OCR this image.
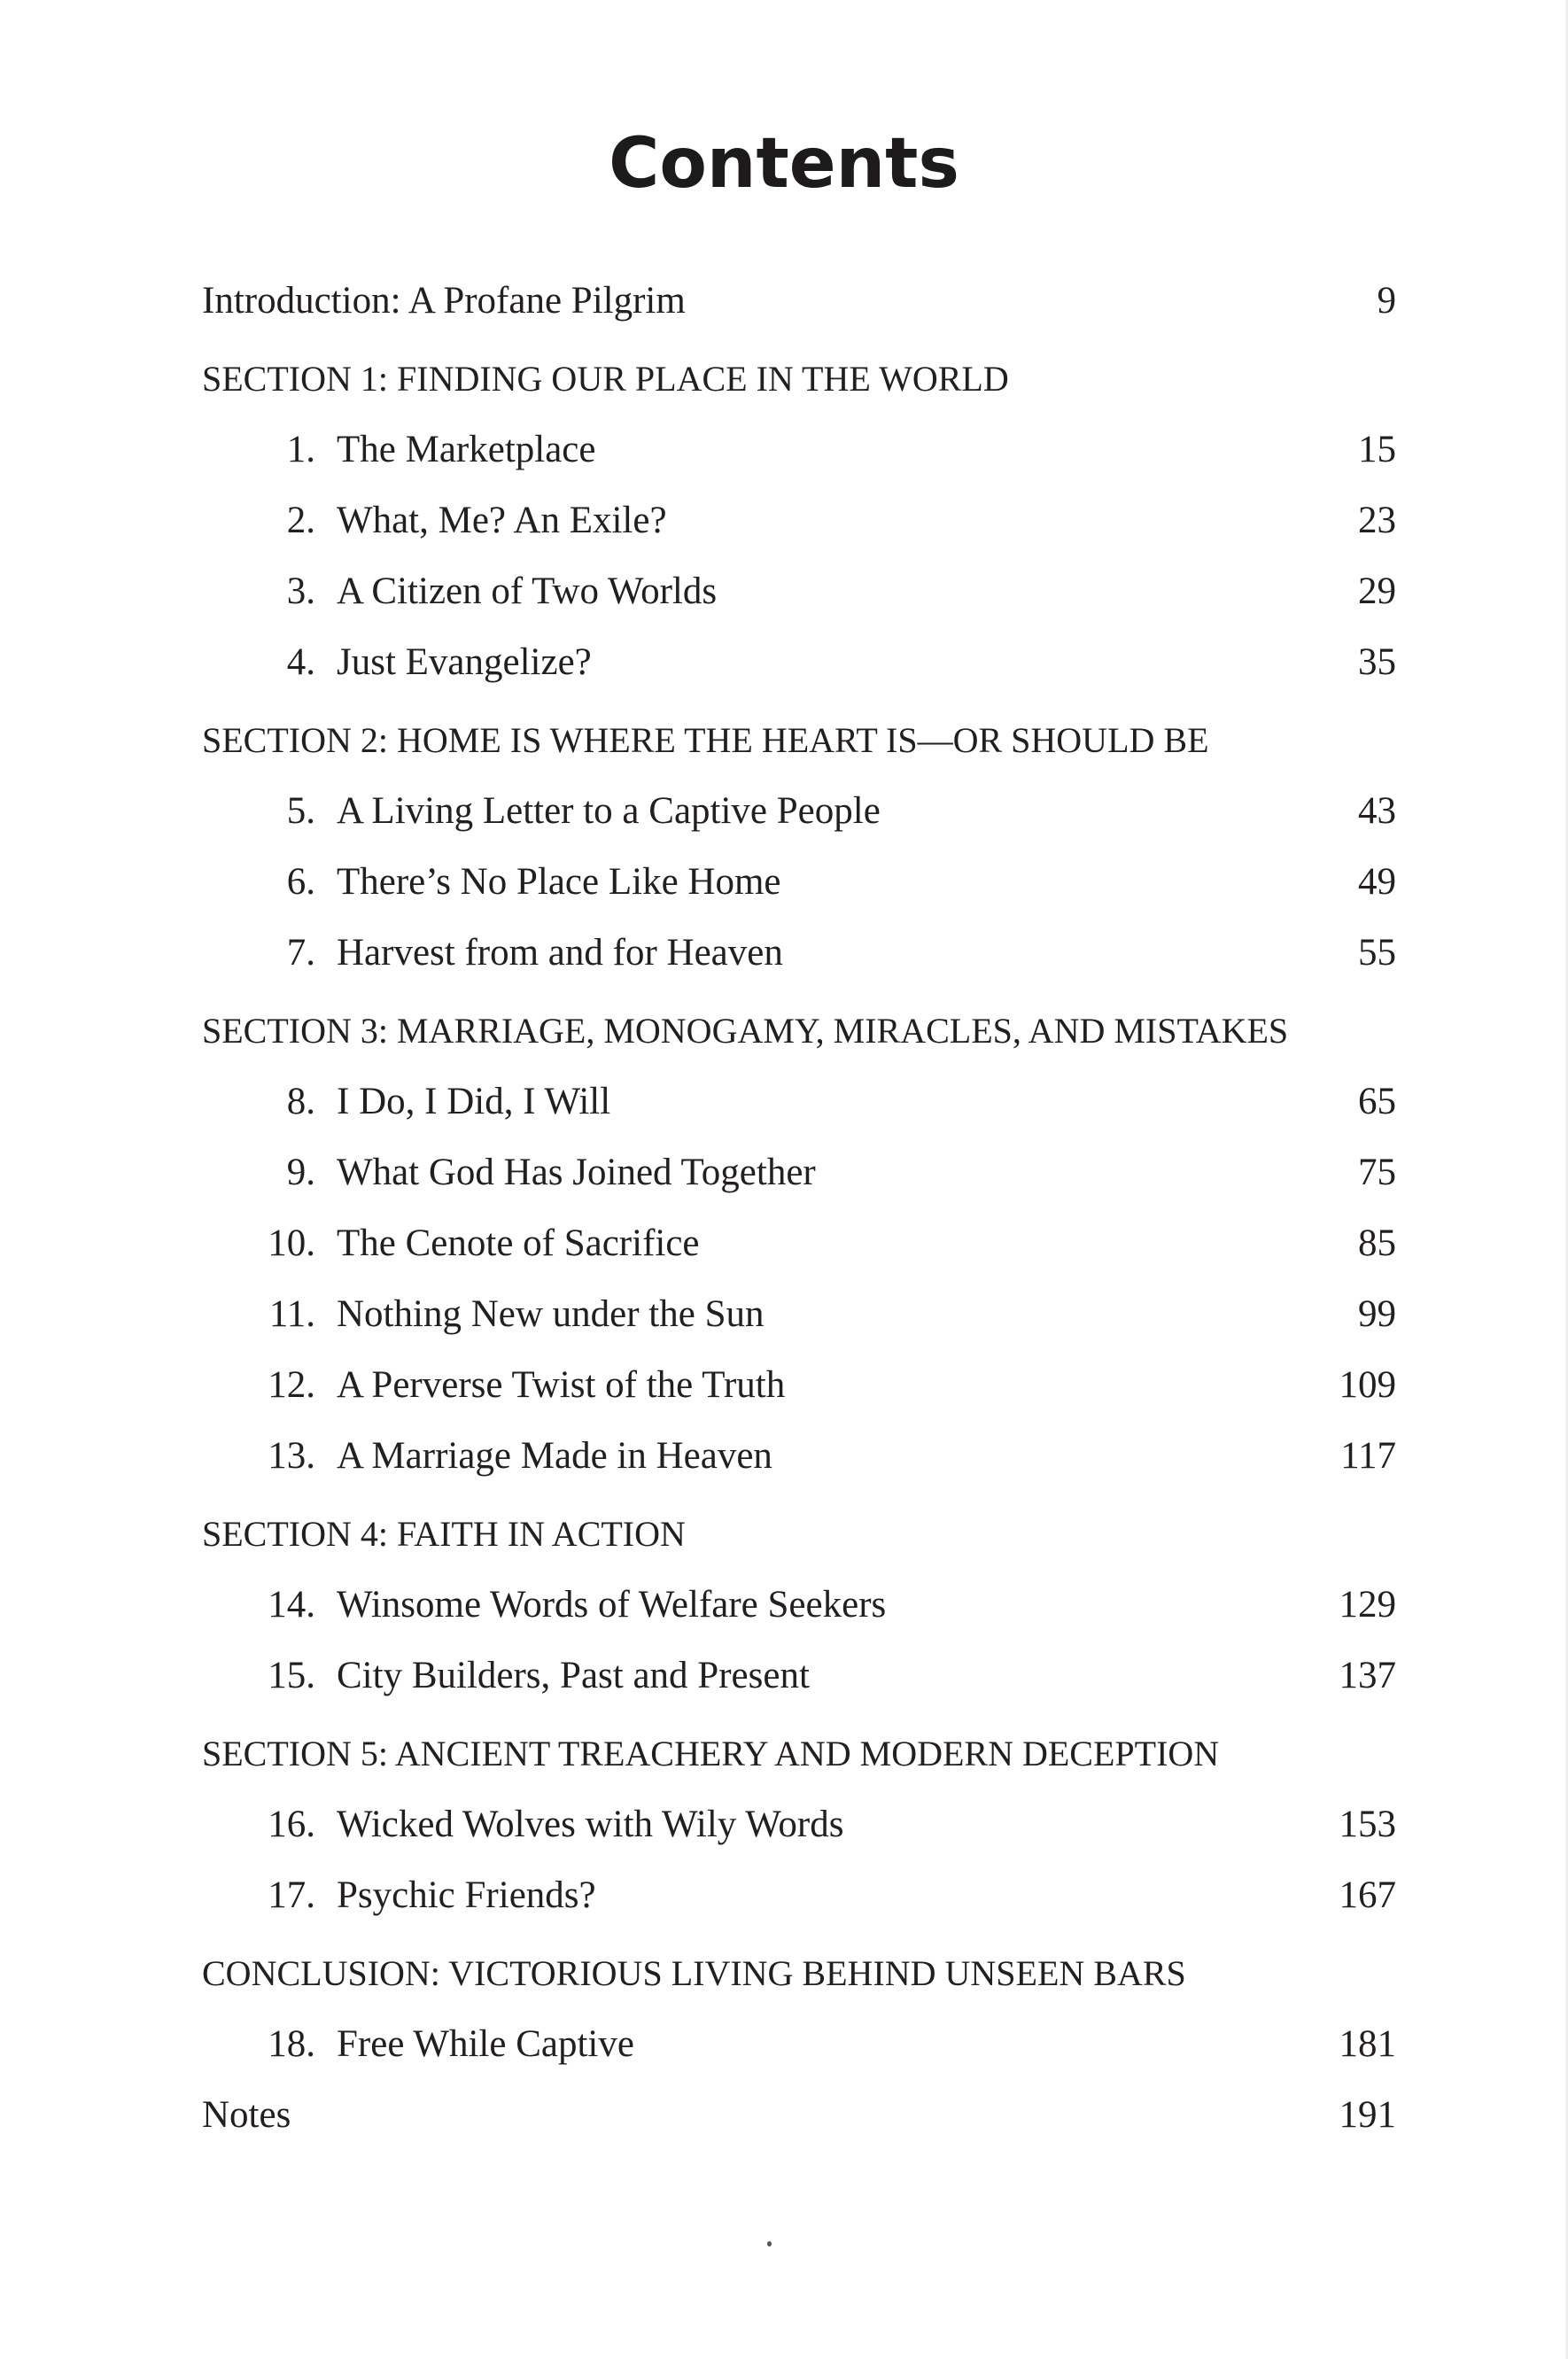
Contents
Introduction: A Profane Pilgrim	9
SECTION 1: FINDING OUR PLACE IN THE WORLD
1. The Marketplace	15
2. What, Me? An Exile?	23
3. A Citizen of Two Worlds	29
4. Just Evangelize?	35
SECTION 2: HOME IS WHERE THE HEART IS—OR SHOULD BE
5. A Living Letter to a Captive People	43
6. There’s No Place Like Home	49
7. Harvest from and for Heaven	55
SECTION 3: MARRIAGE, MONOGAMY, MIRACLES, AND MISTAKES
8. I Do, I Did, I Will	65
9. What God Has Joined Together	75
10. The Cenote of Sacrifice	85
11. Nothing New under the Sun	99
12. A Perverse Twist of the Truth	109
13. A Marriage Made in Heaven	117
SECTION 4: FAITH IN ACTION
14. Winsome Words of Welfare Seekers	129
15. City Builders, Past and Present	137
SECTION 5: ANCIENT TREACHERY AND MODERN DECEPTION
16. Wicked Wolves with Wily Words	153
17. Psychic Friends?	167
CONCLUSION: VICTORIOUS LIVING BEHIND UNSEEN BARS
18. Free While Captive	181
Notes	191
